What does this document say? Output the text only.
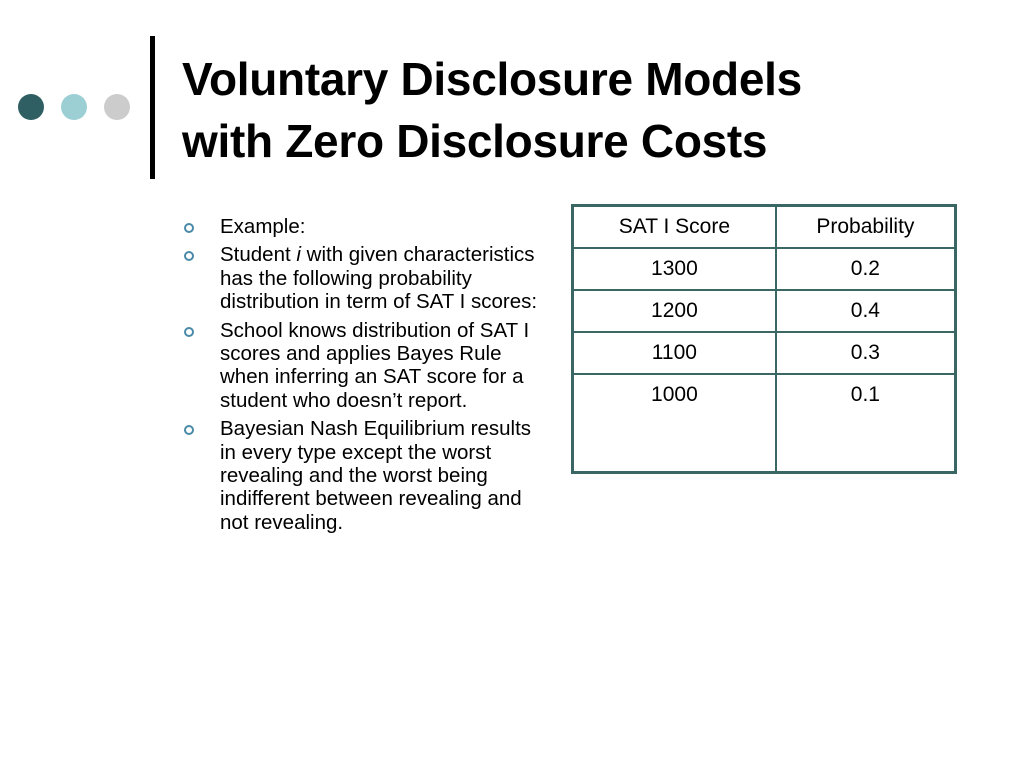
Voluntary Disclosure Models
with Zero Disclosure Costs
Example:
Student i with given characteristics has the following probability distribution in term of SAT I scores:
School knows distribution of SAT I scores and applies Bayes Rule when inferring an SAT score for a student who doesn’t report.
Bayesian Nash Equilibrium results in every type except the worst revealing and the worst being indifferent between revealing and not revealing.
SAT I Score	Probability
1300	0.2
1200	0.4
1100	0.3
1000	0.1
